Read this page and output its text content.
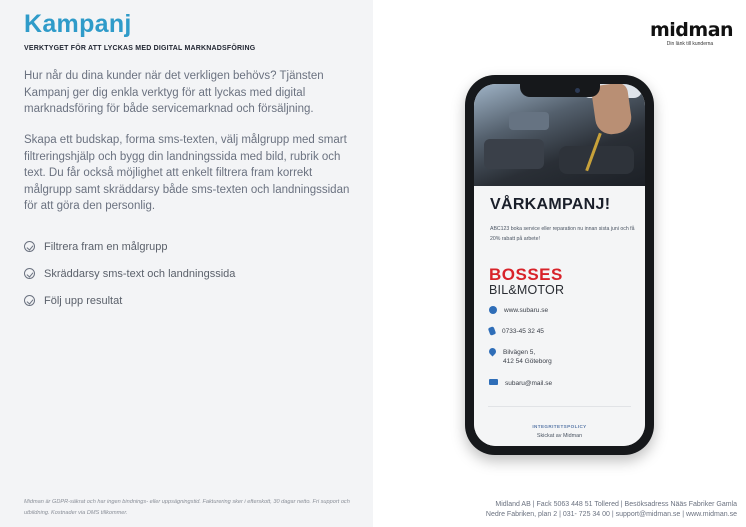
Kampanj
VERKTYGET FÖR ATT LYCKAS MED DIGITAL MARKNADSFÖRING

Hur når du dina kunder när det verkligen behövs? Tjänsten Kampanj ger dig enkla verktyg för att lyckas med digital marknadsföring för både servicemarknad och försäljning.

Skapa ett budskap, forma sms-texten, välj målgrupp med smart filtreringshjälp och bygg din landningssida med bild, rubrik och text. Du får också möjlighet att enkelt filtrera fram korrekt målgrupp samt skräddarsy både sms-texten och landningssidan för att göra den personlig.

Filtrera fram en målgrupp
Skräddarsy sms-text och landningssida
Följ upp resultat

Midman är GDPR-säkrat och har ingen bindnings- eller uppsägningstid. Fakturering sker i efterskott, 30 dagar netto. Fri support och utbildning. Kostnader via DMS tillkommer.

midman
Din länk till kunderna
VÅRKAMPANJ!
ABC123 boka service eller reparation nu innan sista juni och få 20% rabatt på arbete!
BOSSES
BIL&MOTOR
www.subaru.se
0733-45 32 45
Bilvägen 5,
412 54 Göteborg
subaru@mail.se
INTEGRITETSPOLICY
Skickat av Midman
Midland AB | Fack 5063 448 51 Tollered | Besöksadress Nääs Fabriker Gamla
Nedre Fabriken, plan 2 | 031- 725 34 00 | support@midman.se | www.midman.se
